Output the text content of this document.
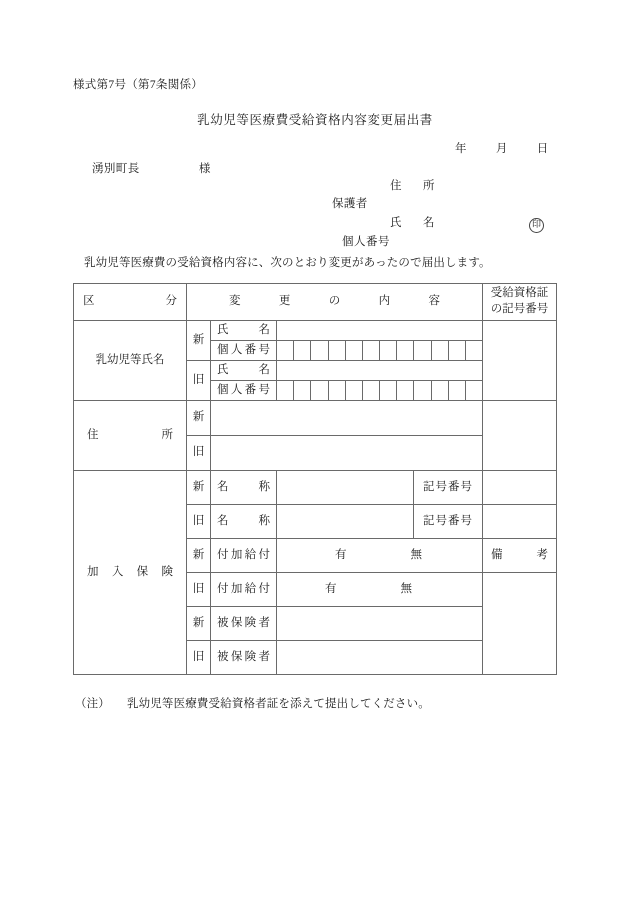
様式第7号（第7条関係）
乳幼児等医療費受給資格内容変更届出書
年	月	日
湧別町長	様
住　所
保護者
氏　名	印
個人番号
乳幼児等医療費の受給資格内容に、次のとおり変更があったので届出します。
区　分	変　更　の　内　容			受給資格証
の記号番号

乳幼児等氏名	新	氏　名		

		個人番号		

	旧	氏　名		

		個人番号		

住　　所	新			

	旧			

加　入　保　険	新	名　称	記号番号	

	旧	名　称	記号番号	

	新	付加給付	有 無	備　考

	旧	付加給付	有 無	

	新	被保険者		

	旧	被保険者		

（注） 乳幼児等医療費受給資格者証を添えて提出してください。
